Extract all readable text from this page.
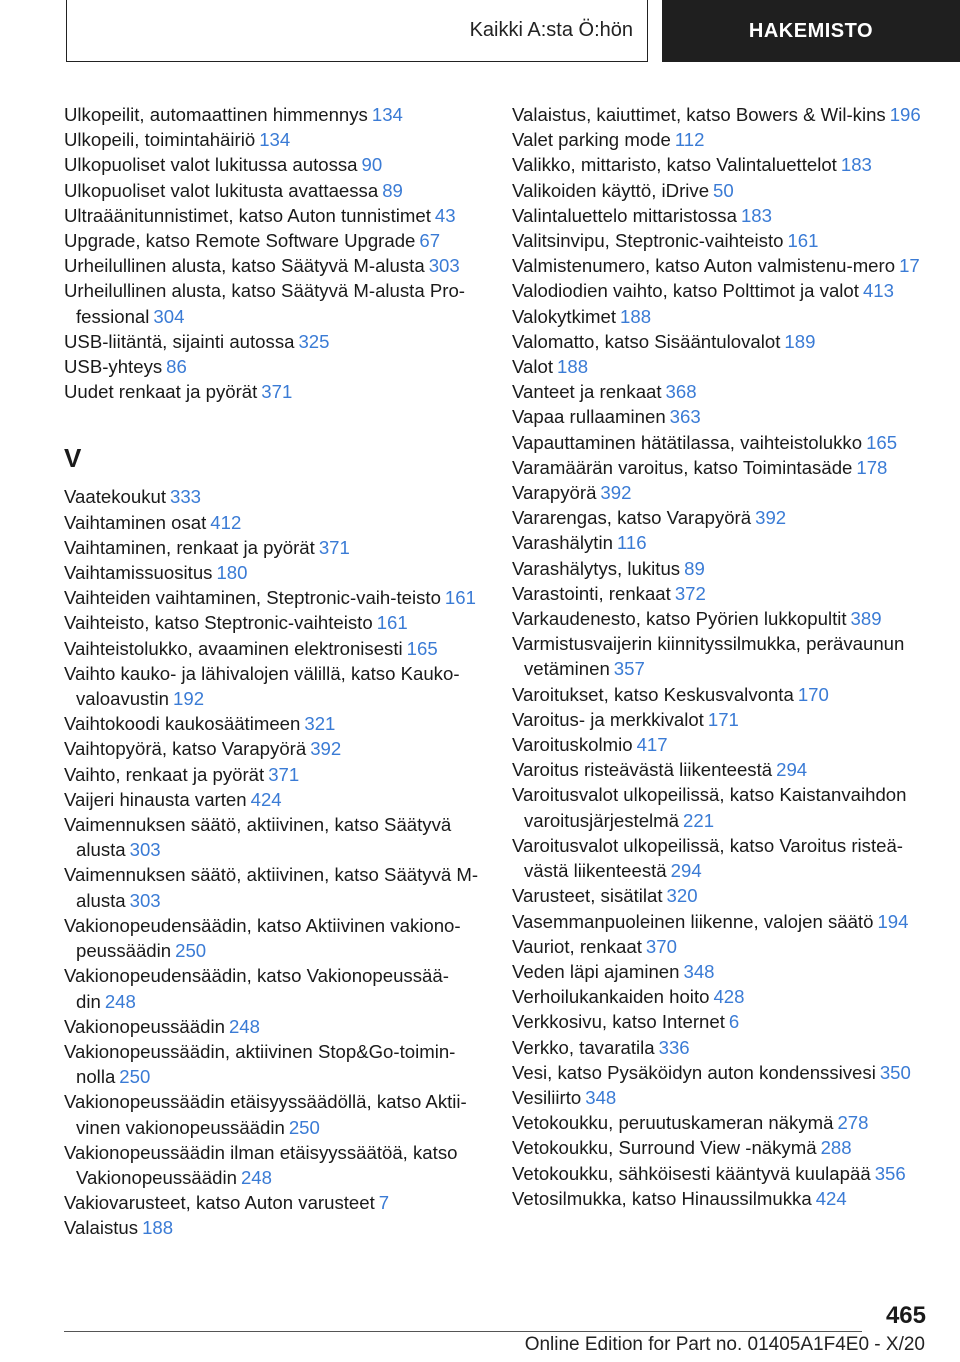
Kaikki A:sta Ö:hön	HAKEMISTO
Ulkopeilit, automaattinen himmennys 134
Ulkopeili, toimintahäiriö 134
Ulkopuoliset valot lukitussa autossa 90
Ulkopuoliset valot lukitusta avattaessa 89
Ultraäänitunnistimet, katso Auton tunnistimet 43
Upgrade, katso Remote Software Upgrade 67
Urheilullinen alusta, katso Säätyvä M-alusta 303
Urheilullinen alusta, katso Säätyvä M-alusta Pro-fessional 304
USB-liitäntä, sijainti autossa 325
USB-yhteys 86
Uudet renkaat ja pyörät 371
V
Vaatekoukut 333
Vaihtaminen osat 412
Vaihtaminen, renkaat ja pyörät 371
Vaihtamissuositus 180
Vaihteiden vaihtaminen, Steptronic-vaih-teisto 161
Vaihteisto, katso Steptronic-vaihteisto 161
Vaihteistolukko, avaaminen elektronisesti 165
Vaihto kauko- ja lähivalojen välillä, katso Kauko-valoavustin 192
Vaihtokoodi kaukosäätimeen 321
Vaihtopyörä, katso Varapyörä 392
Vaihto, renkaat ja pyörät 371
Vaijeri hinausta varten 424
Vaimennuksen säätö, aktiivinen, katso Säätyvä alusta 303
Vaimennuksen säätö, aktiivinen, katso Säätyvä M-alusta 303
Vakionopeudensäädin, katso Aktiivinen vakiono-peussäädin 250
Vakionopeudensäädin, katso Vakionopeussää-din 248
Vakionopeussäädin 248
Vakionopeussäädin, aktiivinen Stop&Go-toimin-nolla 250
Vakionopeussäädin etäisyyssäädöllä, katso Aktii-vinen vakionopeussäädin 250
Vakionopeussäädin ilman etäisyyssäätöä, katso Vakionopeussäädin 248
Vakiovarusteet, katso Auton varusteet 7
Valaistus 188
Valaistus, kaiuttimet, katso Bowers & Wil-kins 196
Valet parking mode 112
Valikko, mittaristo, katso Valintaluettelot 183
Valikoiden käyttö, iDrive 50
Valintaluettelo mittaristossa 183
Valitsinvipu, Steptronic-vaihteisto 161
Valmistenumero, katso Auton valmistenu-mero 17
Valodiodien vaihto, katso Polttimot ja valot 413
Valokytkimet 188
Valomatto, katso Sisääntulovalot 189
Valot 188
Vanteet ja renkaat 368
Vapaa rullaaminen 363
Vapauttaminen hätätilassa, vaihteistolukko 165
Varamäärän varoitus, katso Toimintasäde 178
Varapyörä 392
Vararengas, katso Varapyörä 392
Varashälytin 116
Varashälytys, lukitus 89
Varastointi, renkaat 372
Varkaudenesto, katso Pyörien lukkopultit 389
Varmistusvaijerin kiinnityssilmukka, perävaunun vetäminen 357
Varoitukset, katso Keskusvalvonta 170
Varoitus- ja merkkivalot 171
Varoituskolmio 417
Varoitus risteävästä liikenteestä 294
Varoitusvalot ulkopeilissä, katso Kaistanvaihdon varoitusjärjestelmä 221
Varoitusvalot ulkopeilissä, katso Varoitus risteä-västä liikenteestä 294
Varusteet, sisätilat 320
Vasemmanpuoleinen liikenne, valojen säätö 194
Vauriot, renkaat 370
Veden läpi ajaminen 348
Verhoilukankaiden hoito 428
Verkkosivu, katso Internet 6
Verkko, tavaratila 336
Vesi, katso Pysäköidyn auton kondenssivesi 350
Vesiliirto 348
Vetokoukku, peruutuskameran näkymä 278
Vetokoukku, Surround View -näkymä 288
Vetokoukku, sähköisesti kääntyvä kuulapää 356
Vetosilmukka, katso Hinaussilmukka 424
465
Online Edition for Part no. 01405A1F4E0 - X/20
